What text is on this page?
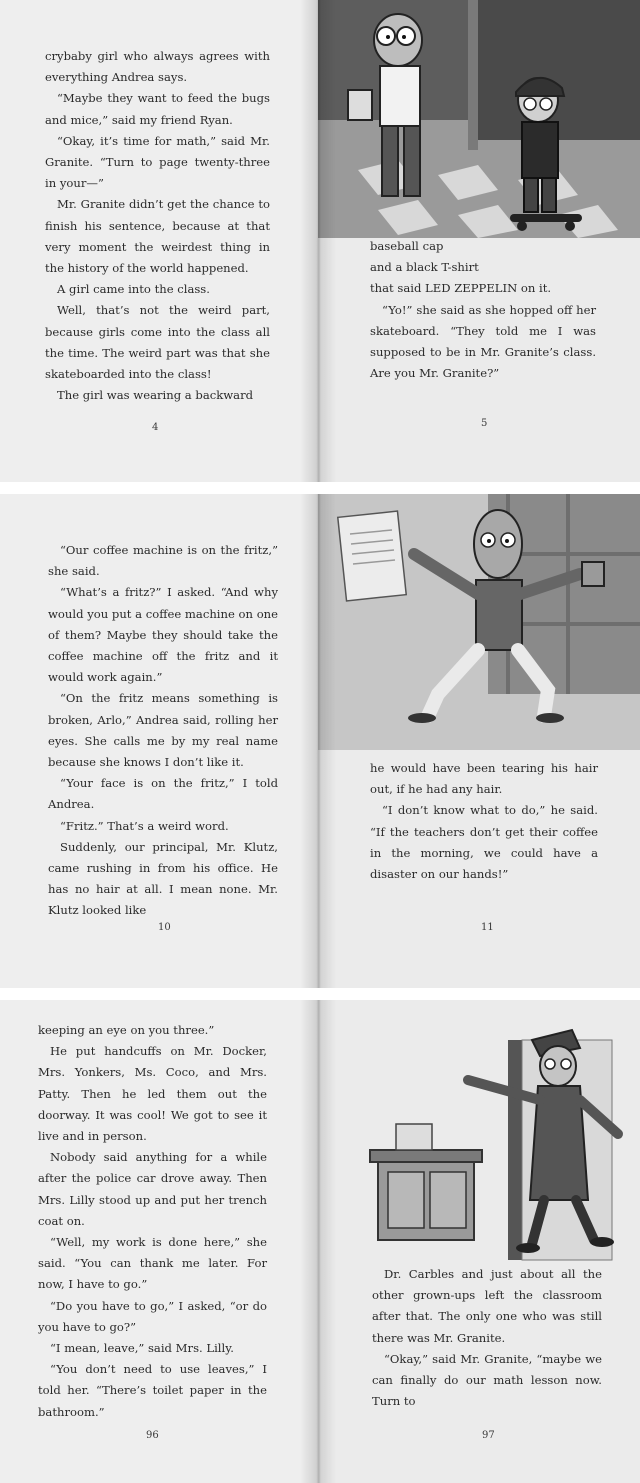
crybaby girl who always agrees with everything Andrea says.

“Maybe they want to feed the bugs and mice,” said my friend Ryan.

“Okay, it’s time for math,” said Mr. Granite. “Turn to page twenty-three in your—”

Mr. Granite didn’t get the chance to finish his sentence, because at that very moment the weirdest thing in the history of the world happened.

A girl came into the class.

Well, that’s not the weird part, because girls come into the class all the time. The weird part was that she skateboarded into the class!

The girl was wearing a backward

4

baseball cap

and a black T-shirt

that said LED ZEPPELIN on it.

“Yo!” she said as she hopped off her skateboard. “They told me I was supposed to be in Mr. Granite’s class. Are you Mr. Granite?”

5

“Our coffee machine is on the fritz,” she said.

“What’s a fritz?” I asked. “And why would you put a coffee machine on one of them? Maybe they should take the coffee machine off the fritz and it would work again.”

“On the fritz means something is broken, Arlo,” Andrea said, rolling her eyes. She calls me by my real name because she knows I don’t like it.

“Your face is on the fritz,” I told Andrea.

“Fritz.” That’s a weird word.

Suddenly, our principal, Mr. Klutz, came rushing in from his office. He has no hair at all. I mean none. Mr. Klutz looked like

10

he would have been tearing his hair out, if he had any hair.

“I don’t know what to do,” he said. “If the teachers don’t get their coffee in the morning, we could have a disaster on our hands!”

11

keeping an eye on you three.”

He put handcuffs on Mr. Docker, Mrs. Yonkers, Ms. Coco, and Mrs. Patty. Then he led them out the doorway. It was cool! We got to see it live and in person.

Nobody said anything for a while after the police car drove away. Then Mrs. Lilly stood up and put her trench coat on.

“Well, my work is done here,” she said. “You can thank me later. For now, I have to go.”

“Do you have to go,” I asked, “or do you have to go?”

“I mean, leave,” said Mrs. Lilly.

“You don’t need to use leaves,” I told her. “There’s toilet paper in the bathroom.”

96

Dr. Carbles and just about all the other grown-ups left the classroom after that. The only one who was still there was Mr. Granite.

“Okay,” said Mr. Granite, “maybe we can finally do our math lesson now. Turn to

97
